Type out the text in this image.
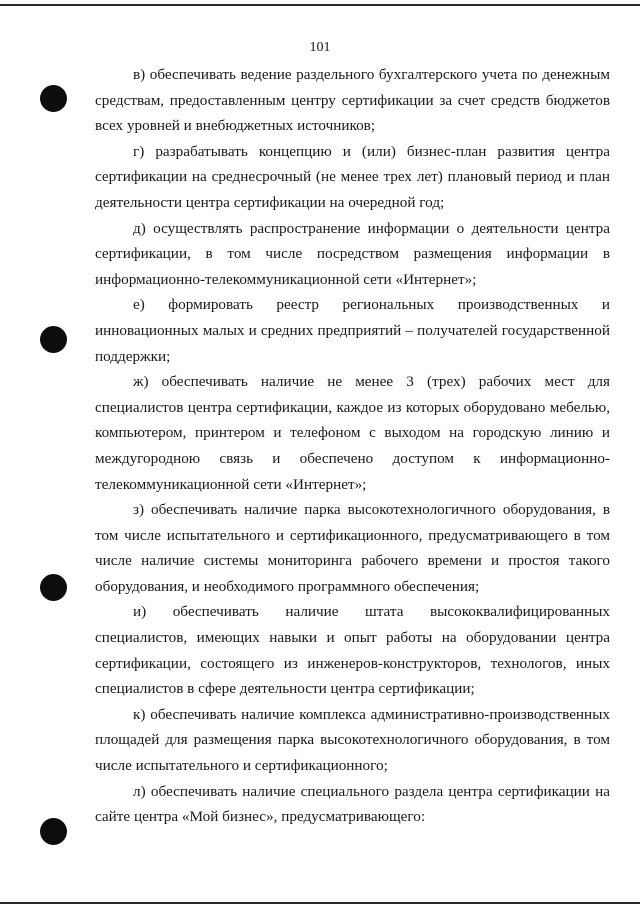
101

в) обеспечивать ведение раздельного бухгалтерского учета по денежным средствам, предоставленным центру сертификации за счет средств бюджетов всех уровней и внебюджетных источников;

г) разрабатывать концепцию и (или) бизнес-план развития центра сертификации на среднесрочный (не менее трех лет) плановый период и план деятельности центра сертификации на очередной год;

д) осуществлять распространение информации о деятельности центра сертификации, в том числе посредством размещения информации в информационно-телекоммуникационной сети «Интернет»;

е) формировать реестр региональных производственных и инновационных малых и средних предприятий – получателей государственной поддержки;

ж) обеспечивать наличие не менее 3 (трех) рабочих мест для специалистов центра сертификации, каждое из которых оборудовано мебелью, компьютером, принтером и телефоном с выходом на городскую линию и междугородною связь и обеспечено доступом к информационно-телекоммуникационной сети «Интернет»;

з) обеспечивать наличие парка высокотехнологичного оборудования, в том числе испытательного и сертификационного, предусматривающего в том числе наличие системы мониторинга рабочего времени и простоя такого оборудования, и необходимого программного обеспечения;

и) обеспечивать наличие штата высококвалифицированных специалистов, имеющих навыки и опыт работы на оборудовании центра сертификации, состоящего из инженеров-конструкторов, технологов, иных специалистов в сфере деятельности центра сертификации;

к) обеспечивать наличие комплекса административно-производственных площадей для размещения парка высокотехнологичного оборудования, в том числе испытательного и сертификационного;

л) обеспечивать наличие специального раздела центра сертификации на сайте центра «Мой бизнес», предусматривающего:
